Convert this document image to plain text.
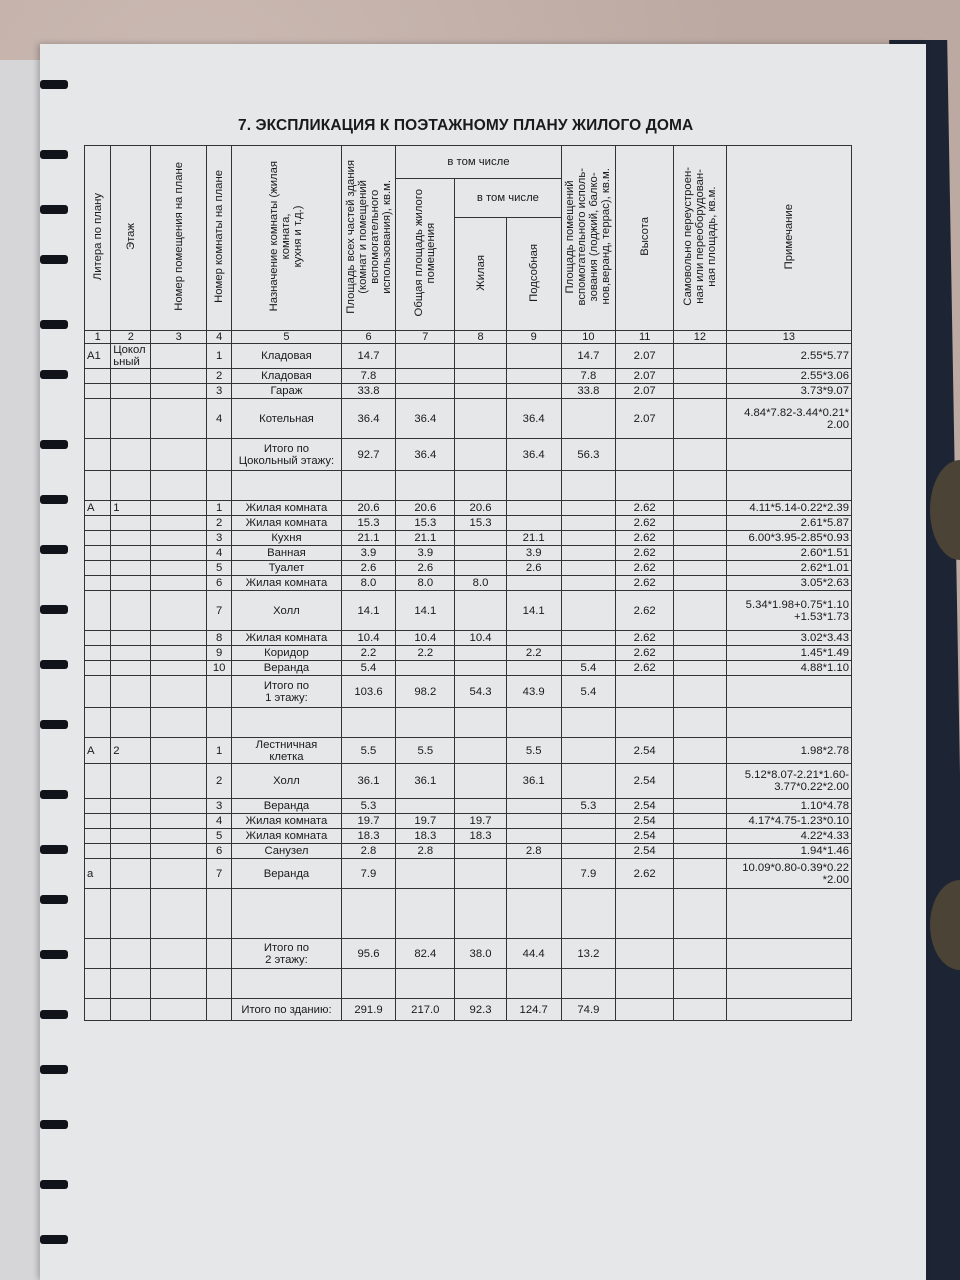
7. ЭКСПЛИКАЦИЯ К ПОЭТАЖНОМУ ПЛАНУ ЖИЛОГО ДОМА
Литера по плану	Этаж	Номер помещения на плане	Номер комнаты на плане	Назначение комнаты (жилая
комната,
кухня и т.д.)	Площадь всех частей здания
(комнат и помещений
вспомогательного
использования), кв.м.	в том числе			Площадь помещений
вспомогательного исполь-
зования (лоджий, балко-
нов,веранд, террас), кв.м.	Высота	Самовольно переустроен-
ная или переоборудован-
ная площадь, кв.м.	Примечание
						Общая площадь жилого
помещения	в том числе					
							Жилая	Подсобная				
1	2	3	4	5	6	7	8	9	10	11	12	13
А1	Цокол
ьный		1	Кладовая	14.7				14.7	2.07		2.55*5.77
			2	Кладовая	7.8				7.8	2.07		2.55*3.06
			3	Гараж	33.8				33.8	2.07		3.73*9.07
			4	Котельная	36.4	36.4		36.4		2.07		4.84*7.82-3.44*0.21*
2.00
				Итого по
Цокольный этажу:	92.7	36.4		36.4	56.3			

А	1		1	Жилая комната	20.6	20.6	20.6			2.62		4.11*5.14-0.22*2.39
			2	Жилая комната	15.3	15.3	15.3			2.62		2.61*5.87
			3	Кухня	21.1	21.1		21.1		2.62		6.00*3.95-2.85*0.93
			4	Ванная	3.9	3.9		3.9		2.62		2.60*1.51
			5	Туалет	2.6	2.6		2.6		2.62		2.62*1.01
			6	Жилая комната	8.0	8.0	8.0			2.62		3.05*2.63
			7	Холл	14.1	14.1		14.1		2.62		5.34*1.98+0.75*1.10
+1.53*1.73
			8	Жилая комната	10.4	10.4	10.4			2.62		3.02*3.43
			9	Коридор	2.2	2.2		2.2		2.62		1.45*1.49
			10	Веранда	5.4				5.4	2.62		4.88*1.10
				Итого по
1 этажу:	103.6	98.2	54.3	43.9	5.4			

А	2		1	Лестничная
клетка	5.5	5.5		5.5		2.54		1.98*2.78
			2	Холл	36.1	36.1		36.1		2.54		5.12*8.07-2.21*1.60-
3.77*0.22*2.00
			3	Веранда	5.3				5.3	2.54		1.10*4.78
			4	Жилая комната	19.7	19.7	19.7			2.54		4.17*4.75-1.23*0.10
			5	Жилая комната	18.3	18.3	18.3			2.54		4.22*4.33
			6	Санузел	2.8	2.8		2.8		2.54		1.94*1.46
а			7	Веранда	7.9				7.9	2.62		10.09*0.80-0.39*0.22
*2.00

				Итого по
2 этажу:	95.6	82.4	38.0	44.4	13.2			

				Итого по зданию:	291.9	217.0	92.3	124.7	74.9			
